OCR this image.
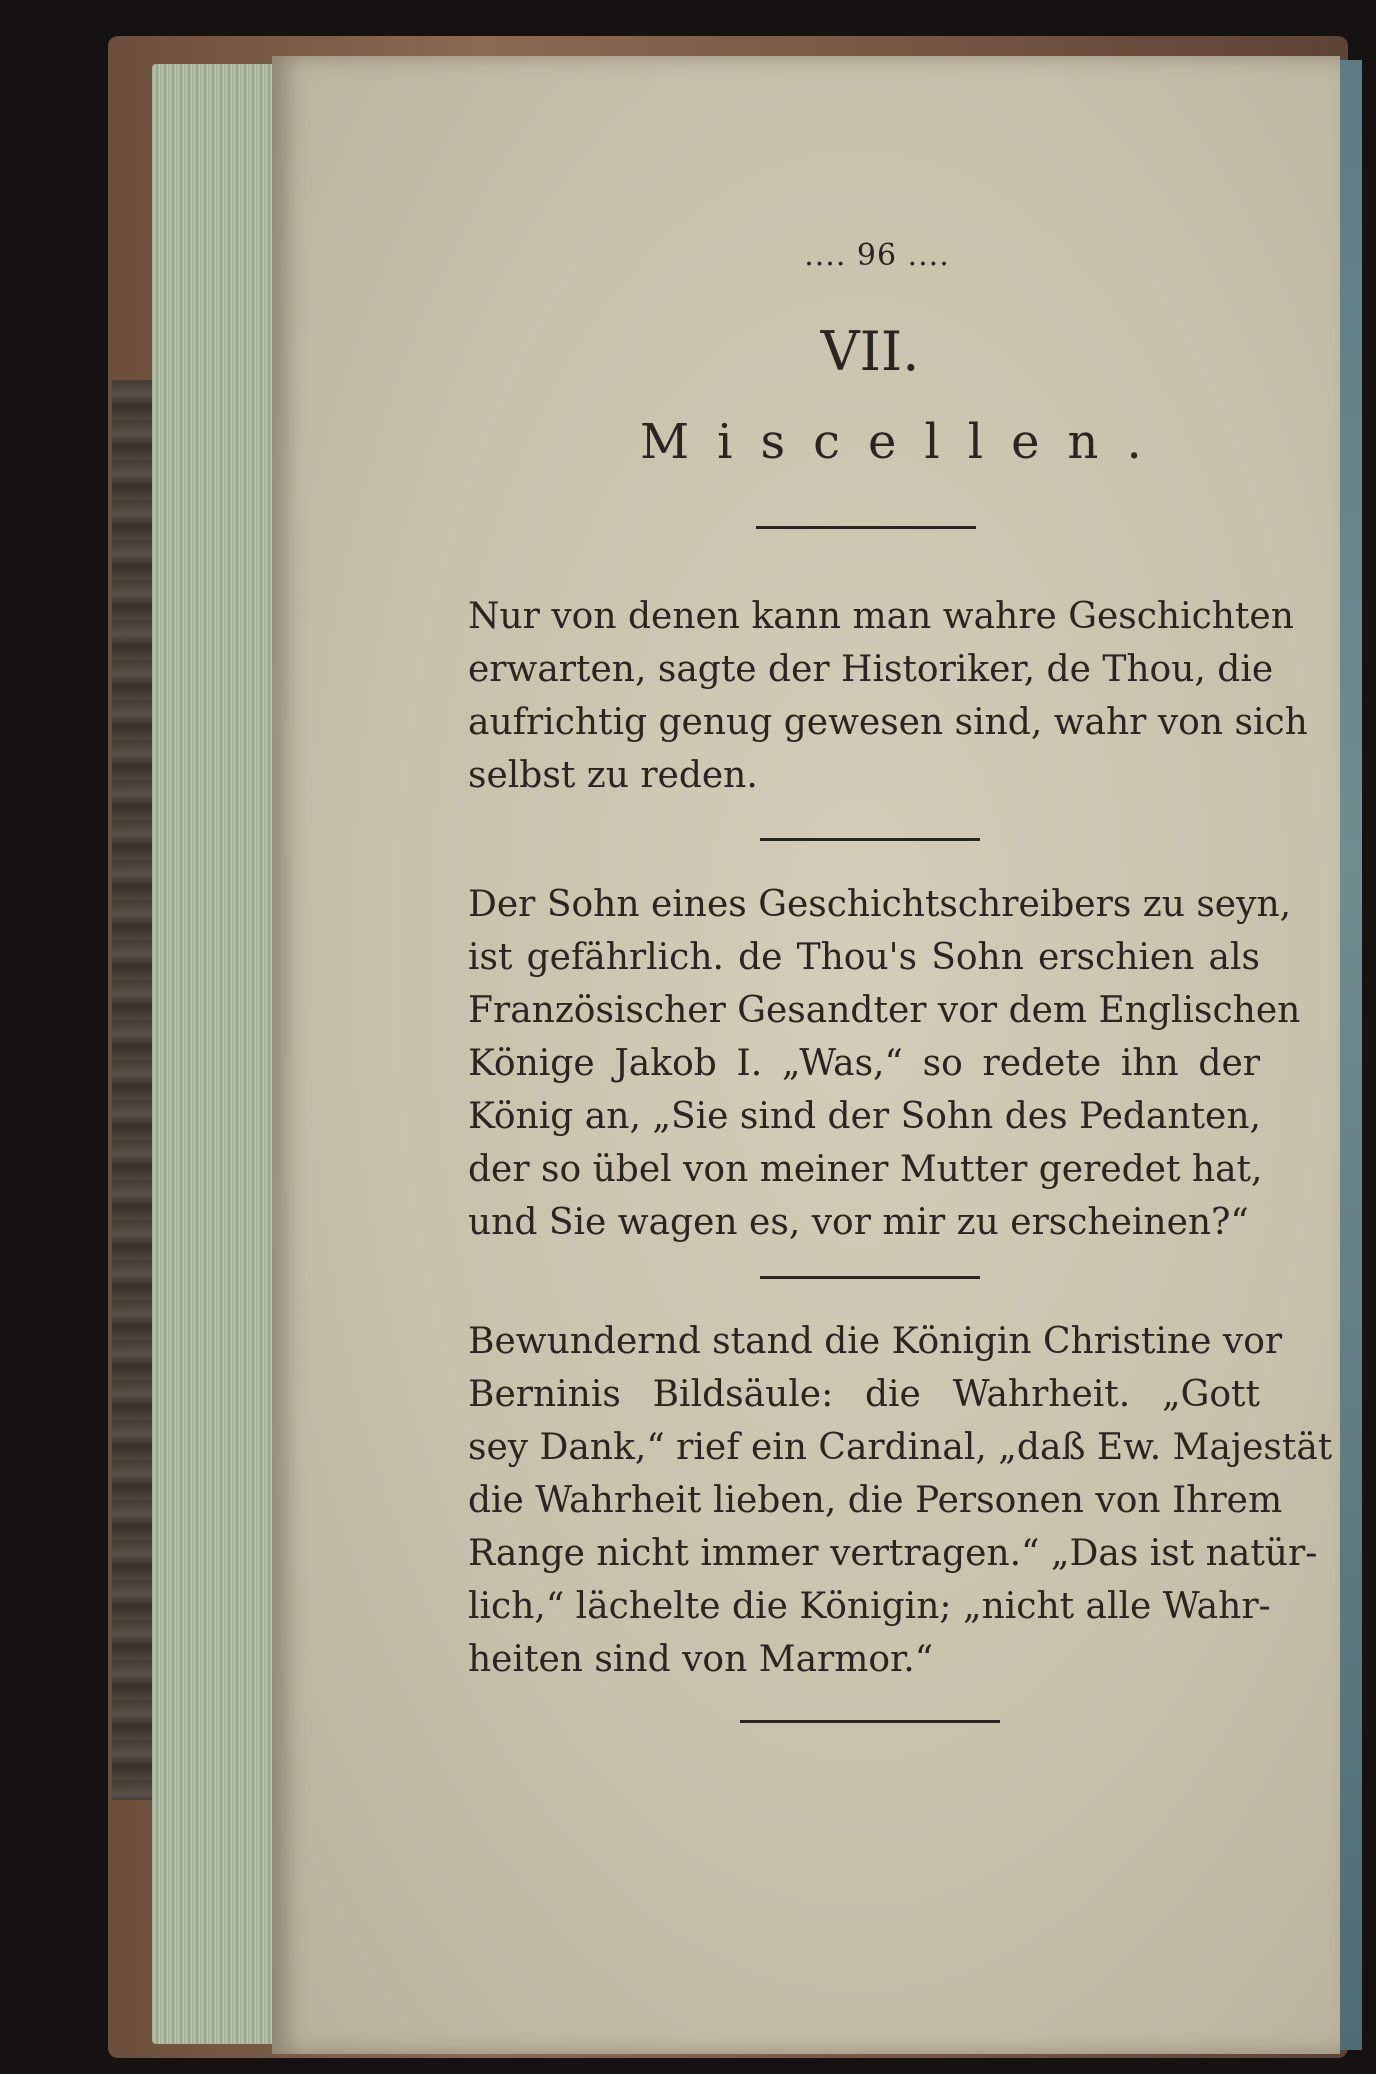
.... 96 ....
VII.
Miscellen.
Nur von denen kann man wahre Geschichten
erwarten, sagte der Historiker, de Thou, die
aufrichtig genug gewesen sind, wahr von sich
selbst zu reden.
Der Sohn eines Geschichtschreibers zu seyn,
ist gefährlich. de Thou's Sohn erschien als
Französischer Gesandter vor dem Englischen
Könige Jakob I. „Was,“ so redete ihn der
König an, „Sie sind der Sohn des Pedanten,
der so übel von meiner Mutter geredet hat,
und Sie wagen es, vor mir zu erscheinen?“
Bewundernd stand die Königin Christine vor
Berninis Bildsäule: die Wahrheit. „Gott
sey Dank,“ rief ein Cardinal, „daß Ew. Majestät
die Wahrheit lieben, die Personen von Ihrem
Range nicht immer vertragen.“ „Das ist natür-
lich,“ lächelte die Königin; „nicht alle Wahr-
heiten sind von Marmor.“
